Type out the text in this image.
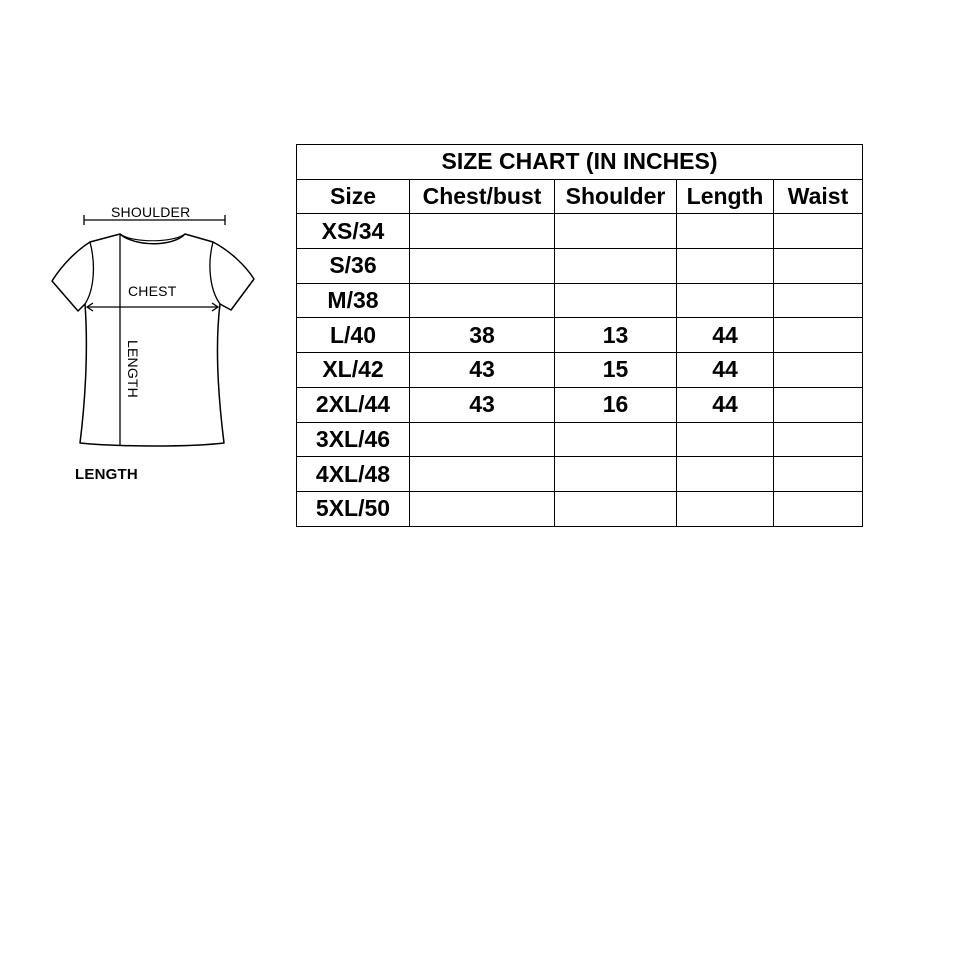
SHOULDER
CHEST
LENGTH
LENGTH
SIZE CHART (IN INCHES)				
Size	Chest/bust	Shoulder	Length	Waist
XS/34				
S/36				
M/38				
L/40	38	13	44	
XL/42	43	15	44	
2XL/44	43	16	44	
3XL/46				
4XL/48				
5XL/50				
